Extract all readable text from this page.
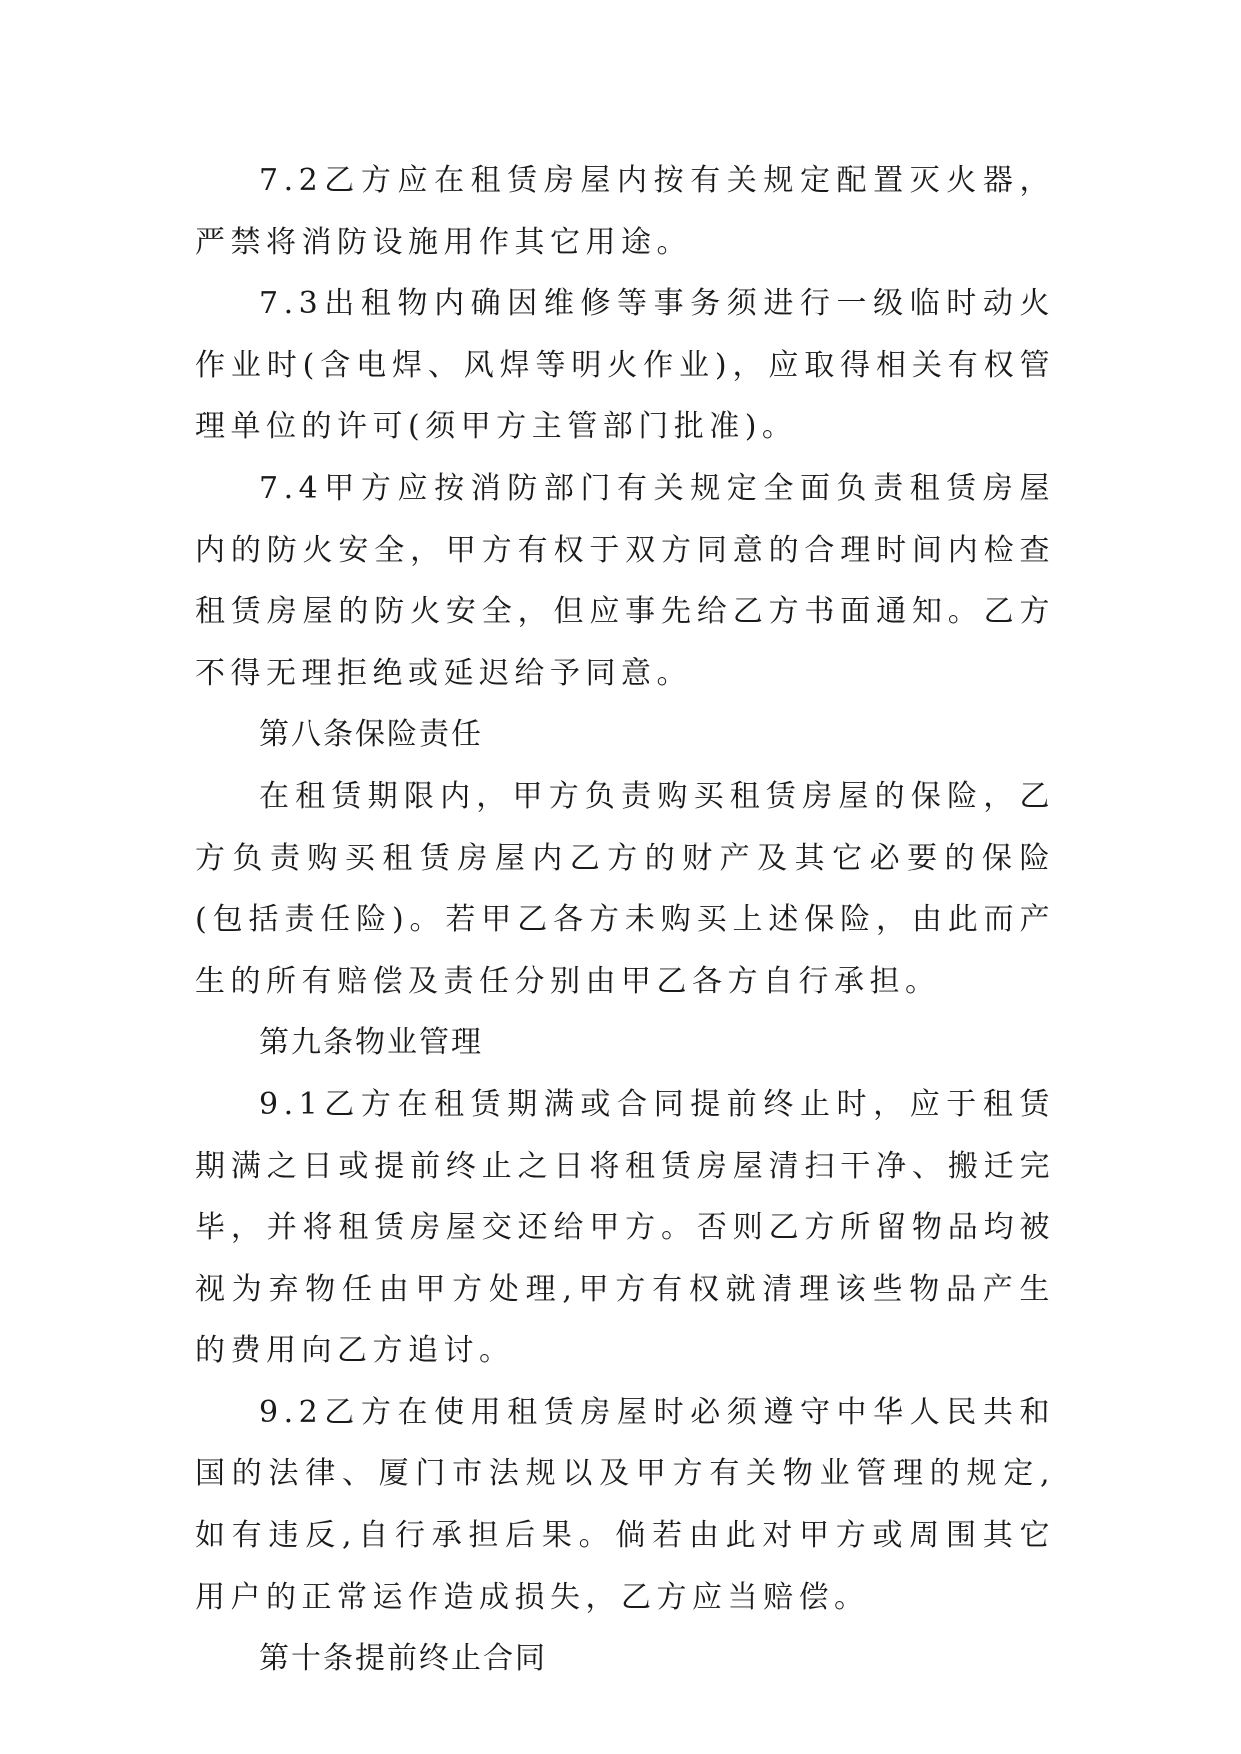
7.2乙方应在租赁房屋内按有关规定配置灭火器，严禁将消防设施用作其它用途。

7.3出租物内确因维修等事务须进行一级临时动火作业时(含电焊、风焊等明火作业)，应取得相关有权管理单位的许可(须甲方主管部门批准)。

7.4甲方应按消防部门有关规定全面负责租赁房屋内的防火安全，甲方有权于双方同意的合理时间内检查租赁房屋的防火安全，但应事先给乙方书面通知。乙方不得无理拒绝或延迟给予同意。

第八条保险责任

在租赁期限内，甲方负责购买租赁房屋的保险，乙方负责购买租赁房屋内乙方的财产及其它必要的保险(包括责任险)。若甲乙各方未购买上述保险，由此而产生的所有赔偿及责任分别由甲乙各方自行承担。

第九条物业管理

9.1乙方在租赁期满或合同提前终止时，应于租赁期满之日或提前终止之日将租赁房屋清扫干净、搬迁完毕，并将租赁房屋交还给甲方。否则乙方所留物品均被视为弃物任由甲方处理,甲方有权就清理该些物品产生的费用向乙方追讨。

9.2乙方在使用租赁房屋时必须遵守中华人民共和国的法律、厦门市法规以及甲方有关物业管理的规定,如有违反,自行承担后果。倘若由此对甲方或周围其它用户的正常运作造成损失，乙方应当赔偿。

第十条提前终止合同
